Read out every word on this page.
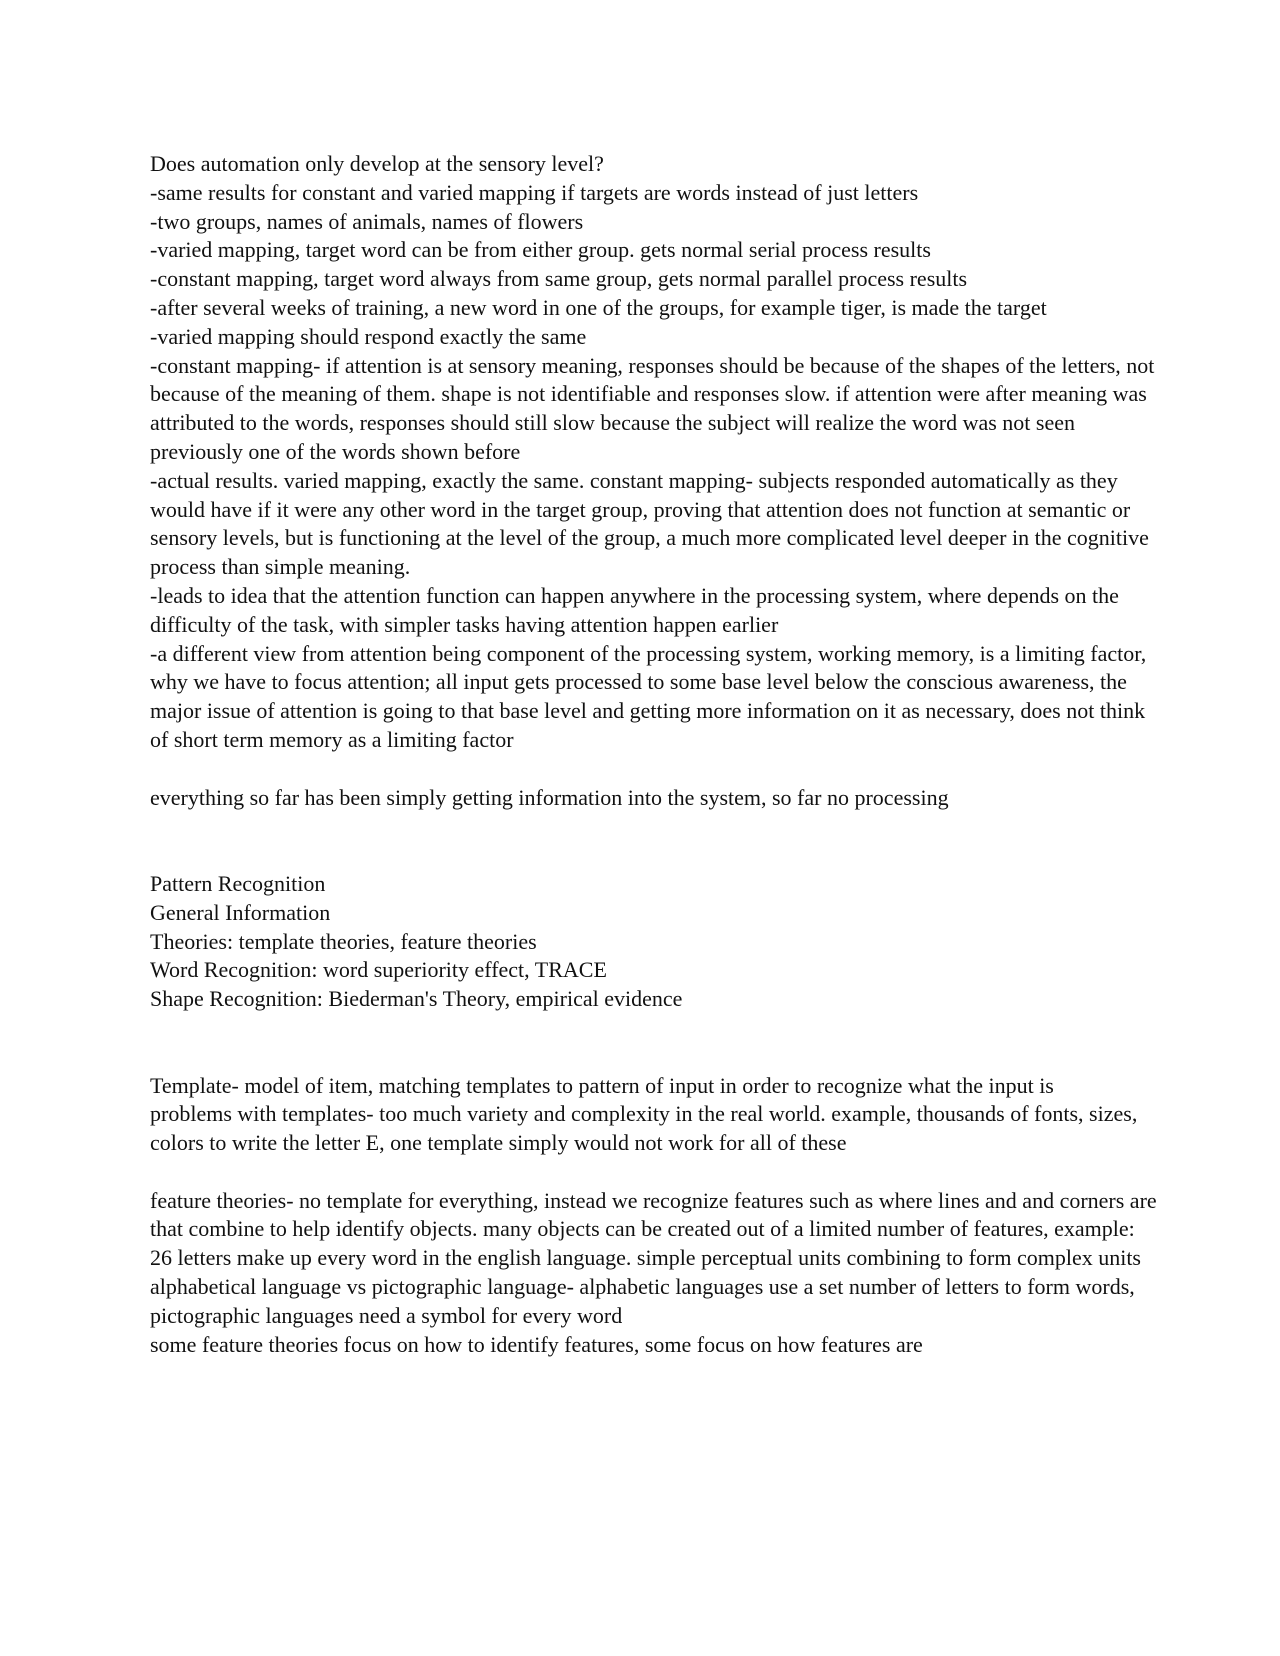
Does automation only develop at the sensory level?

-same results for constant and varied mapping if targets are words instead of just letters

-two groups, names of animals, names of flowers

-varied mapping, target word can be from either group. gets normal serial process results

-constant mapping, target word always from same group, gets normal parallel process results

-after several weeks of training, a new word in one of the groups, for example tiger, is made the target

-varied mapping should respond exactly the same

-constant mapping- if attention is at sensory meaning, responses should be because of the shapes of the letters, not because of the meaning of them. shape is not identifiable and responses slow. if attention were after meaning was attributed to the words, responses should still slow because the subject will realize the word was not seen previously one of the words shown before

-actual results. varied mapping, exactly the same. constant mapping- subjects responded automatically as they would have if it were any other word in the target group, proving that attention does not function at semantic or sensory levels, but is functioning at the level of the group, a much more complicated level deeper in the cognitive process than simple meaning.

-leads to idea that the attention function can happen anywhere in the processing system, where depends on the difficulty of the task, with simpler tasks having attention happen earlier

-a different view from attention being component of the processing system, working memory, is a limiting factor, why we have to focus attention; all input gets processed to some base level below the conscious awareness, the major issue of attention is going to that base level and getting more information on it as necessary, does not think of short term memory as a limiting factor

everything so far has been simply getting information into the system, so far no processing

Pattern Recognition

General Information

Theories: template theories, feature theories

Word Recognition: word superiority effect, TRACE

Shape Recognition: Biederman's Theory, empirical evidence

Template- model of item, matching templates to pattern of input in order to recognize what the input is

problems with templates- too much variety and complexity in the real world. example, thousands of fonts, sizes, colors to write the letter E, one template simply would not work for all of these

feature theories- no template for everything, instead we recognize features such as where lines and and corners are that combine to help identify objects. many objects can be created out of a limited number of features, example: 26 letters make up every word in the english language. simple perceptual units combining to form complex units

alphabetical language vs pictographic language- alphabetic languages use a set number of letters to form words, pictographic languages need a symbol for every word

some feature theories focus on how to identify features, some focus on how features are
